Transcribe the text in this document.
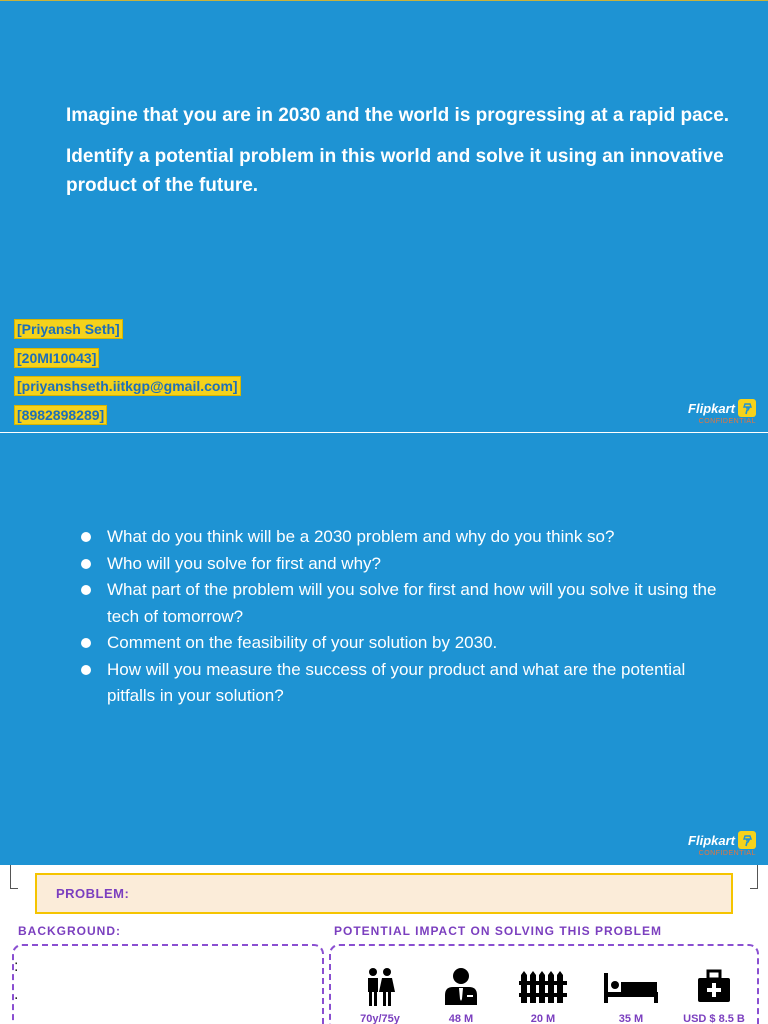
Imagine that you are in 2030 and the world is progressing at a rapid pace.

Identify a potential problem in this world and solve it using an innovative product of the future.

[Priyansh Seth]
[20MI10043]
[priyanshseth.iitkgp@gmail.com]
[8982898289]	Flipkart
CONFIDENTIAL
What do you think will be a 2030 problem and why do you think so?
Who will you solve for first and why?
What part of the problem will you solve for first and how will you solve it using the tech of tomorrow?
Comment on the feasibility of your solution by 2030.
How will you measure the success of your product and what are the potential pitfalls in your solution?
Flipkart
CONFIDENTIAL
PROBLEM:
BACKGROUND:	POTENTIAL IMPACT ON SOLVING THIS PROBLEM
:

.
70y/75y	48 M	20 M	35 M	USD $ 8.5 B
